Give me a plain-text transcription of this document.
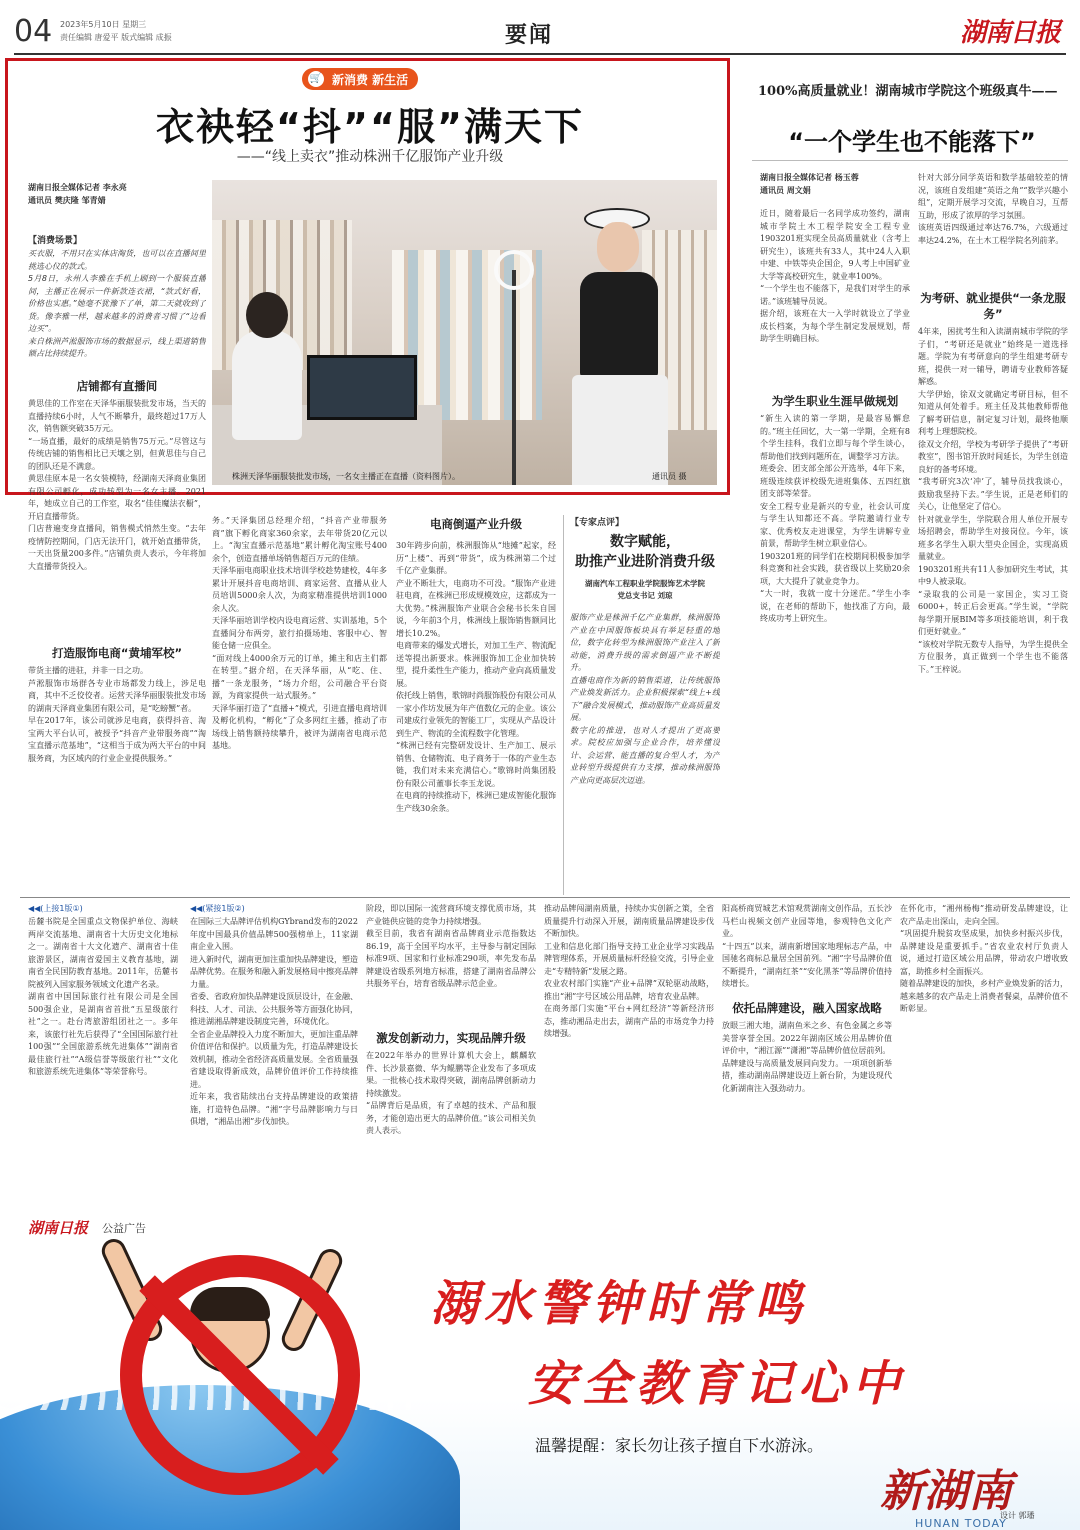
04 2023年5月10日 星期三
责任编辑 唐爱平 版式编辑 成振	要闻	湖南日报
🛒 新消费 新生活
衣袂轻“抖”“服”满天下
——“线上卖衣”推动株洲千亿服饰产业升级
湖南日报全媒体记者 李永亮
通讯员 樊庆隆 邹青婧
【消费场景】
买衣服，不用只在实体店淘货，也可以在直播间里挑选心仪的款式。
5月8日，永州人李雅在手机上刷到一个服装直播间，主播正在展示一件新款连衣裙，“款式好看，价格也实惠。”她毫不犹豫下了单，第二天就收到了货。像李雅一样，越来越多的消费者习惯了“边看边买”。
来自株洲芦淞服饰市场的数据显示，线上渠道销售额占比持续提升。
株洲天泽华丽服装批发市场，一名女主播正在直播（资料图片）。	通讯员 摄
店铺都有直播间
黄思佳的工作室在天泽华丽服装批发市场，当天的直播持续6小时，人气不断攀升，最终超过17万人次，销售额突破35万元。
“一场直播，最好的成绩是销售75万元。”尽管这与传统店铺的销售相比已天壤之别，但黄思佳与自己的团队还是不满意。
黄思佳原本是一名女装模特，经湖南天泽商业集团有限公司孵化，成功转型为一名女主播。2021年，她成立自己的工作室，取名“佳佳魔法衣橱”，开启直播带货。
门店普遍变身直播间，销售模式悄然生变。“去年疫情防控期间，门店无法开门，就开始直播带货，一天出货量200多件。”店铺负责人表示，今年将加大直播带货投入。
打造服饰电商“黄埔军校”
带货主播的进驻，并非一日之功。
芦淞服饰市场群各专业市场都发力线上，涉足电商，其中不乏佼佼者。运营天泽华丽服装批发市场的湖南天泽商业集团有限公司，是“吃螃蟹”者。
早在2017年，该公司就涉足电商，获得抖音、淘宝两大平台认可，被授予“抖音产业带服务商”“淘宝直播示范基地”，“这相当于成为两大平台的中间服务商，为区域内的行业企业提供服务。”
务。”天泽集团总经理介绍，“抖音产业带服务商”旗下孵化商家360余家，去年带货20亿元以上。“淘宝直播示范基地”累计孵化淘宝账号400余个，创造直播单场销售超百万元的佳绩。
天泽华丽电商职业技术培训学校趁势建校，4年多累计开展抖音电商培训、商家运营、直播从业人员培训5000余人次，为商家精准提供培训1000余人次。
天泽华丽培训学校内设电商运营、实训基地，5个直播间分布两旁，旅行拍摄场地、客服中心、智能仓储一应俱全。
“面对线上4000余万元的订单，摊主和店主们都在转型。”据介绍，在天泽华丽，从“吃、住、播”一条龙服务，“场力介绍，公司融合平台资源，为商家提供一站式服务。”
天泽华丽打造了“直播+”模式，引进直播电商培训及孵化机构，“孵化”了众多网红主播，推动了市场线上销售额持续攀升，被评为湖南省电商示范基地。
电商倒逼产业升级
30年跨步向前，株洲服饰从“地摊”起家，经历“上楼”、再到“带货”，成为株洲第二个过千亿产业集群。
产业不断壮大，电商功不可没。“服饰产业进驻电商，在株洲已形成规模效应，这都成为一大优势。”株洲服饰产业联合会秘书长朱自国说，今年前3个月，株洲线上服饰销售额同比增长10.2%。
电商带来的爆发式增长，对加工生产、物流配送等提出新要求。株洲服饰加工企业加快转型，提升柔性生产能力，推动产业向高质量发展。
依托线上销售，歌锦时尚服饰股份有限公司从一家小作坊发展为年产值数亿元的企业。该公司建成行业领先的智能工厂，实现从产品设计到生产、物流的全流程数字化管理。
“株洲已经有完整研发设计、生产加工、展示销售、仓储物流、电子商务于一体的产业生态链，我们对未来充满信心。”歌锦时尚集团股份有限公司董事长李玉龙说。
在电商的持续推动下，株洲已建成智能化服饰生产线30余条。
【专家点评】
数字赋能，
助推产业进阶消费升级
湖南汽车工程职业学院服饰艺术学院
党总支书记 刘琼
服饰产业是株洲千亿产业集群，株洲服饰产业在中国服饰板块具有举足轻重的地位，数字化转型为株洲服饰产业注入了新动能，消费升级的需求倒逼产业不断提升。
直播电商作为新的销售渠道，让传统服饰产业焕发新活力。企业积极探索“线上+线下”融合发展模式，推动服饰产业高质量发展。
数字化的推进，也对人才提出了更高要求。院校应加强与企业合作，培养懂设计、会运营、能直播的复合型人才，为产业转型升级提供有力支撑，推动株洲服饰产业向更高层次迈进。
100%高质量就业！湖南城市学院这个班级真牛——
“一个学生也不能落下”
湖南日报全媒体记者 杨玉蓉
通讯员 周文娟
近日，随着最后一名同学成功签约，湖南城市学院土木工程学院安全工程专业1903201班实现全员高质量就业（含考上研究生），该班共有33人，其中24人入职中建、中铁等央企国企，9人考上中国矿业大学等高校研究生，就业率100%。
“一个学生也不能落下，是我们对学生的承诺。”该班辅导员说。
据介绍，该班在大一入学时就设立了学业成长档案，为每个学生制定发展规划，帮助学生明确目标。
为学生职业生涯早做规划
“新生入读的第一学期，是最容易懈怠的。”班主任回忆，大一第一学期，全班有8个学生挂科，我们立即与每个学生谈心，帮助他们找到问题所在，调整学习方法。
班委会、团支部全部公开选举，4年下来，班级连续获评校级先进班集体、五四红旗团支部等荣誉。
安全工程专业是新兴的专业，社会认可度与学生认知都还不高。学院邀请行业专家、优秀校友走进课堂，为学生讲解专业前景，帮助学生树立职业信心。
1903201班的同学们在校期间积极参加学科竞赛和社会实践，获省级以上奖励20余项，大大提升了就业竞争力。
“大一时，我就一度十分迷茫。”学生小李说，在老师的帮助下，他找准了方向，最终成功考上研究生。
针对大部分同学英语和数学基础较差的情况，该班自发组建“英语之角”“数学兴趣小组”，定期开展学习交流，早晚自习，互帮互助，形成了浓厚的学习氛围。
该班英语四级通过率达76.7%，六级通过率达24.2%，在土木工程学院名列前茅。
为考研、就业提供“一条龙服务”
4年来，困扰考生和入读湖南城市学院的学子们，“考研还是就业”始终是一道选择题。学院为有考研意向的学生组建考研专班，提供一对一辅导，聘请专业教师答疑解惑。
大学伊始，徐双文就确定考研目标，但不知道从何处着手。班主任及其他教师帮他了解考研信息，制定复习计划，最终他顺利考上理想院校。
徐双文介绍，学校为考研学子提供了“考研教室”，图书馆开放时间延长，为学生创造良好的备考环境。
“我考研究3次‘冲’了，辅导员找我谈心，鼓励我坚持下去。”学生说，正是老师们的关心，让他坚定了信心。
针对就业学生，学院联合用人单位开展专场招聘会，帮助学生对接岗位。今年，该班多名学生入职大型央企国企，实现高质量就业。
1903201班共有11人参加研究生考试，其中9人被录取。
“录取我的公司是一家国企，实习工资6000+，转正后会更高。”学生说，“学院每学期开展BIM等多项技能培训，利于我们更好就业。”
“该校对学院无数专人指导，为学生提供全方位服务，真正做到一个学生也不能落下。”王梓说。
◀◀(上接1版①)
岳麓书院是全国重点文物保护单位、海峡两岸交流基地、湖南省十大历史文化地标之一。湖南省十大文化遗产、湖南省十佳旅游景区，湖南省爱国主义教育基地，湖南省全民国防教育基地。2011年，岳麓书院被列入国家服务领域文化遗产名录。
湖南省中国国际旅行社有限公司是全国500强企业，是湖南省首批“五星级旅行社”之一。赴台湾旅游组团社之一。多年来，该旅行社先后获得了“全国国际旅行社100强”“全国旅游系统先进集体”“湖南省最佳旅行社”“A级信誉等级旅行社”“文化和旅游系统先进集体”等荣誉称号。
◀◀(紧接1版②)
在国际三大品牌评估机构GYbrand发布的2022年度中国最具价值品牌500强榜单上，11家湖南企业入围。
进入新时代，湖南更加注重加快品牌建设，塑造品牌优势。在服务和融入新发展格局中擦亮品牌力量。
省委、省政府加快品牌建设顶层设计，在金融、科技、人才、司法、公共服务等方面强化协同，推进湖湘品牌建设制度完善，环境优化。
全省企业品牌投入力度不断加大，更加注重品牌价值评估和保护。以质量为先，打造品牌建设长效机制，推动全省经济高质量发展。全省质量强省建设取得新成效，品牌价值评价工作持续推进。
近年来，我省陆续出台支持品牌建设的政策措施，打造特色品牌。“湘”字号品牌影响力与日俱增，“湘品出湘”步伐加快。
阶段，即以国际一流营商环境支撑优质市场，其产业链供应链的竞争力持续增强。
截至目前，我省有湖南省品牌商业示范指数达86.19，高于全国平均水平，主导参与制定国际标准9项、国家和行业标准290项，率先发布品牌建设省级系列地方标准，搭建了湖南省品牌公共服务平台，培育省级品牌示范企业。
激发创新动力，实现品牌升级
在2022年举办的世界计算机大会上，麒麟软件、长沙景嘉微、华为鲲鹏等企业发布了多项成果。一批核心技术取得突破，湖南品牌创新动力持续激发。
“品牌背后是品质，有了卓越的技术、产品和服务，才能创造出更大的品牌价值。”该公司相关负责人表示。
推动品牌闯湖南质量，持续办实创新之策，全省质量提升行动深入开展，湖南质量品牌建设步伐不断加快。
工业和信息化部门指导支持工业企业学习实践品牌管理体系，开展质量标杆经验交流，引导企业走“专精特新”发展之路。
农业农村部门实施“产业+品牌”双轮驱动战略，推出“湘”字号区域公用品牌，培育农业品牌。
在商务部门实施“平台+网红经济”等新经济形态，推动湘品走出去，湖南产品的市场竞争力持续增强。
阳高桥商贸城艺术馆观赏湖南文创作品，五长沙马栏山视频文创产业园等地，参观特色文化产业。
“十四五”以来，湖南新增国家地理标志产品，中国驰名商标总量居全国前列。“湘”字号品牌价值不断提升，“湖南红茶”“安化黑茶”等品牌价值持续增长。
依托品牌建设，融入国家战略
放眼三湘大地，湖南鱼米之乡、有色金属之乡等美誉享誉全国。2022年湖南区域公用品牌价值评价中，“湘江源”“潇湘”等品牌价值位居前列。
品牌建设与高质量发展同向发力。一项项创新举措，推动湖南品牌建设迈上新台阶，为建设现代化新湖南注入强劲动力。
在怀化市，“湘州杨梅”推动研发品牌建设，让农产品走出深山，走向全国。
“巩固提升脱贫攻坚成果，加快乡村振兴步伐，品牌建设是重要抓手。”省农业农村厅负责人说，通过打造区域公用品牌，带动农户增收致富，助推乡村全面振兴。
随着品牌建设的加快，乡村产业焕发新的活力，越来越多的农产品走上消费者餐桌，品牌价值不断彰显。
湖南日报 公益广告
溺水警钟时常鸣
安全教育记心中
温馨提醒：家长勿让孩子擅自下水游泳。
新湖南
设计 郭璠
HUNAN TODAY
